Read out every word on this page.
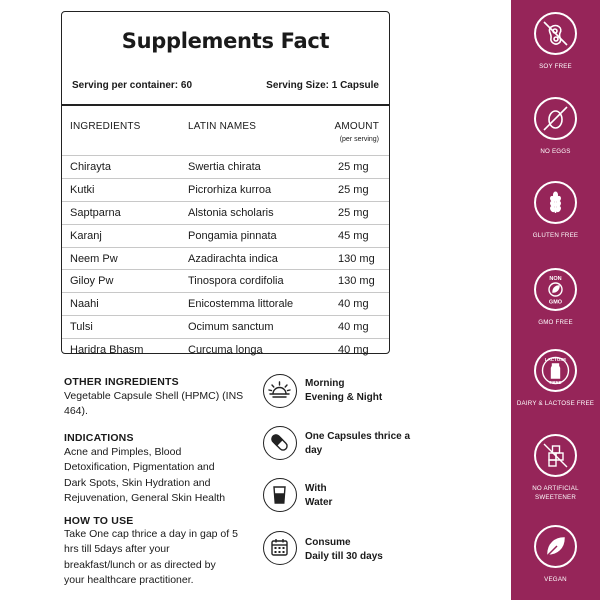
Supplements Fact
Serving per container: 60	Serving Size: 1 Capsule
INGREDIENTS	LATIN NAMES	AMOUNT
(per serving)
Chirayta	Swertia chirata	25 mg
Kutki	Picrorhiza kurroa	25 mg
Saptparna	Alstonia scholaris	25 mg
Karanj	Pongamia pinnata	45 mg
Neem Pw	Azadirachta indica	130 mg
Giloy Pw	Tinospora cordifolia	130 mg
Naahi	Enicostemma littorale	40 mg
Tulsi	Ocimum sanctum	40 mg
Haridra Bhasm	Curcuma longa	40 mg
OTHER INGREDIENTS
Vegetable Capsule Shell (HPMC) (INS
464).
INDICATIONS
Acne and Pimples, Blood
Detoxification, Pigmentation and
Dark Spots, Skin Hydration and
Rejuvenation, General Skin Health
HOW TO USE
Take One cap thrice a day in gap of 5
hrs till 5days after your
breakfast/lunch or as directed by
your healthcare practitioner.
Morning
Evening & Night
One Capsules thrice a
day
With
Water
Consume
Daily till 30 days
SOY FREE
NO EGGS
GLUTEN FREE
NON
GMO
GMO FREE
LACTOSE
FREE
DAIRY & LACTOSE FREE
NO ARTIFICIAL SWEETENER
VEGAN
